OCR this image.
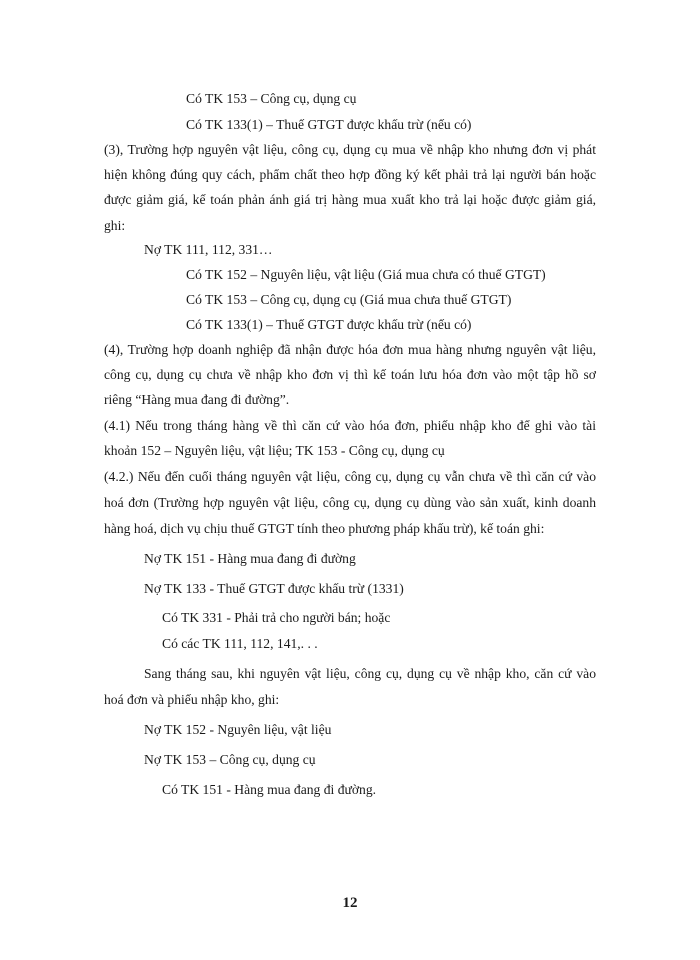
Có TK 153 – Công cụ, dụng cụ

Có TK 133(1) – Thuế GTGT được khấu trừ (nếu có)

(3), Trường hợp nguyên vật liệu, công cụ, dụng cụ mua về nhập kho nhưng đơn vị phát

hiện không đúng quy cách, phẩm chất theo hợp đồng ký kết phải trả lại người bán hoặc

được giảm giá, kế toán phản ánh giá trị hàng mua xuất kho trả lại hoặc được giảm giá,

ghi:

Nợ TK 111, 112, 331…

Có TK 152 – Nguyên liệu, vật liệu (Giá mua chưa có thuế GTGT)

Có TK 153 – Công cụ, dụng cụ (Giá mua chưa thuế GTGT)

Có TK 133(1) – Thuế GTGT được khấu trừ (nếu có)

(4), Trường hợp doanh nghiệp đã nhận được hóa đơn mua hàng nhưng nguyên vật liệu,

công cụ, dụng cụ chưa về nhập kho đơn vị thì kế toán lưu hóa đơn vào một tập hồ sơ

riêng “Hàng mua đang đi đường”.

(4.1) Nếu trong tháng hàng về thì căn cứ vào hóa đơn, phiếu nhập kho để ghi vào tài

khoản 152 – Nguyên liệu, vật liệu; TK 153 - Công cụ, dụng cụ

(4.2.) Nếu đến cuối tháng nguyên vật liệu, công cụ, dụng cụ vẫn chưa về thì căn cứ vào

hoá đơn (Trường hợp nguyên vật liệu, công cụ, dụng cụ dùng vào sản xuất, kinh doanh

hàng hoá, dịch vụ chịu thuế GTGT tính theo phương pháp khấu trừ), kế toán ghi:

Nợ TK 151 - Hàng mua đang đi đường

Nợ TK 133 - Thuế GTGT được khấu trừ (1331)

Có TK 331 - Phải trả cho người bán; hoặc

Có các TK 111, 112, 141,. . .

Sang tháng sau, khi nguyên vật liệu, công cụ, dụng cụ về nhập kho, căn cứ vào

hoá đơn và phiếu nhập kho, ghi:

Nợ TK 152 - Nguyên liệu, vật liệu

Nợ TK 153 – Công cụ, dụng cụ

Có TK 151 - Hàng mua đang đi đường.

12
